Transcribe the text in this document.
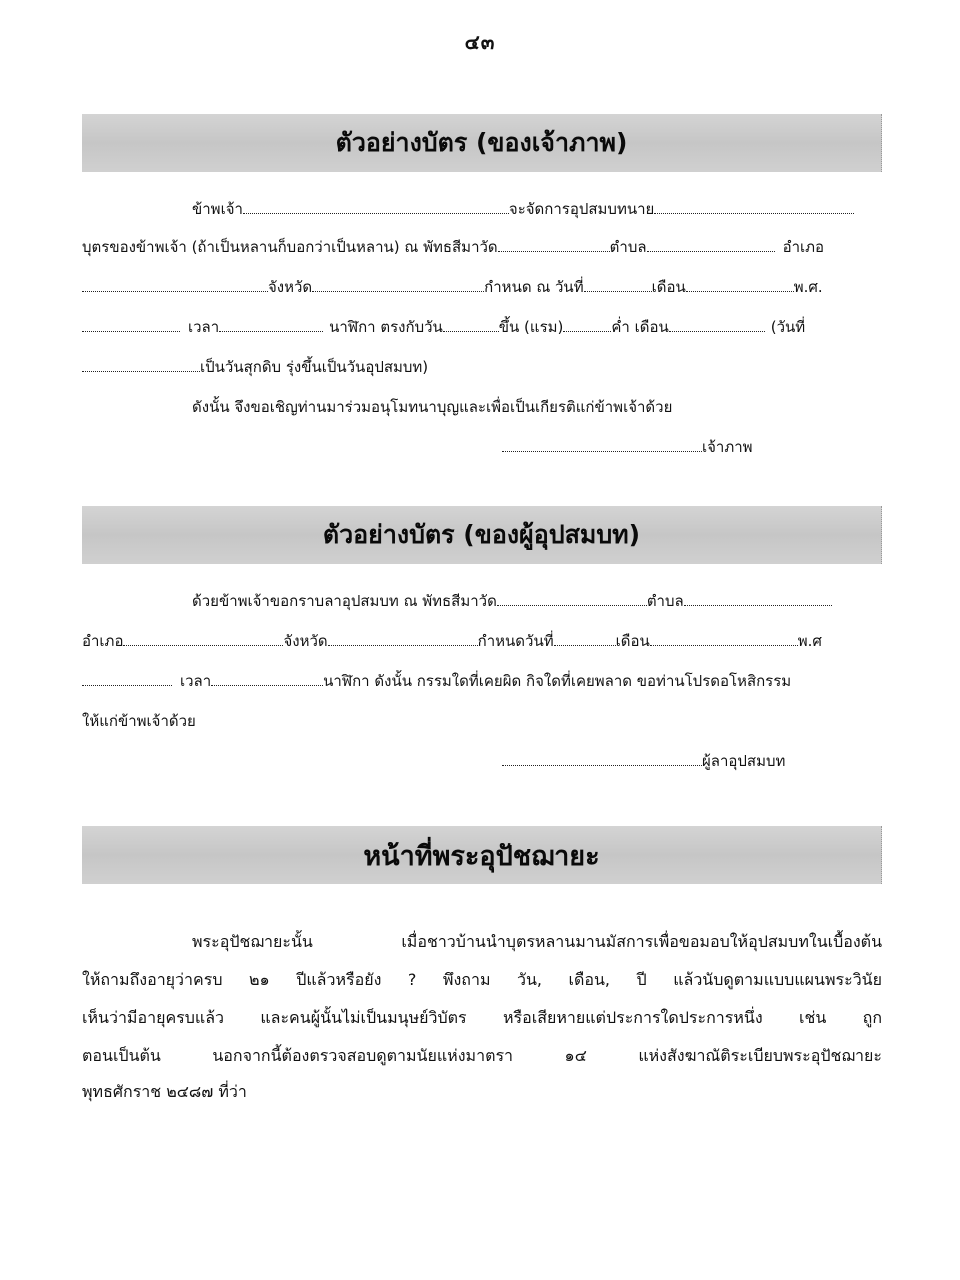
๔๓
ตัวอย่างบัตร (ของเจ้าภาพ)
ข้าพเจ้า	จะจัดการอุปสมบทนาย
บุตรของข้าพเจ้า (ถ้าเป็นหลานก็บอกว่าเป็นหลาน) ณ พัทธสีมาวัด	ตำบล	อำเภอ
จังหวัด	กำหนด ณ วันที่	เดือน	พ.ศ.
เวลา	นาฬิกา ตรงกับวัน	ขึ้น (แรม)	ค่ำ เดือน	(วันที่
เป็นวันสุกดิบ รุ่งขึ้นเป็นวันอุปสมบท)
ดังนั้น จึงขอเชิญท่านมาร่วมอนุโมทนาบุญและเพื่อเป็นเกียรติแก่ข้าพเจ้าด้วย
เจ้าภาพ
ตัวอย่างบัตร (ของผู้อุปสมบท)
ด้วยข้าพเจ้าขอกราบลาอุปสมบท ณ พัทธสีมาวัด	ตำบล
อำเภอ	จังหวัด	กำหนดวันที่	เดือน	พ.ศ
เวลา	นาฬิกา ดังนั้น กรรมใดที่เคยผิด กิจใดที่เคยพลาด ขอท่านโปรดอโหสิกรรม
ให้แก่ข้าพเจ้าด้วย
ผู้ลาอุปสมบท
หน้าที่พระอุปัชฌายะ
พระอุปัชฌายะนั้น เมื่อชาวบ้านนำบุตรหลานมานมัสการเพื่อขอมอบให้อุปสมบทในเบื้องต้น
ให้ถามถึงอายุว่าครบ ๒๑ ปีแล้วหรือยัง ? พึงถาม วัน, เดือน, ปี แล้วนับดูตามแบบแผนพระวินัย
เห็นว่ามีอายุครบแล้ว และคนผู้นั้นไม่เป็นมนุษย์วิบัตร หรือเสียหายแต่ประการใดประการหนึ่ง เช่น ถูก
ตอนเป็นต้น นอกจากนี้ต้องตรวจสอบดูตามนัยแห่งมาตรา ๑๔ แห่งสังฆาณัติระเบียบพระอุปัชฌายะ
พุทธศักราช ๒๔๘๗ ที่ว่า
